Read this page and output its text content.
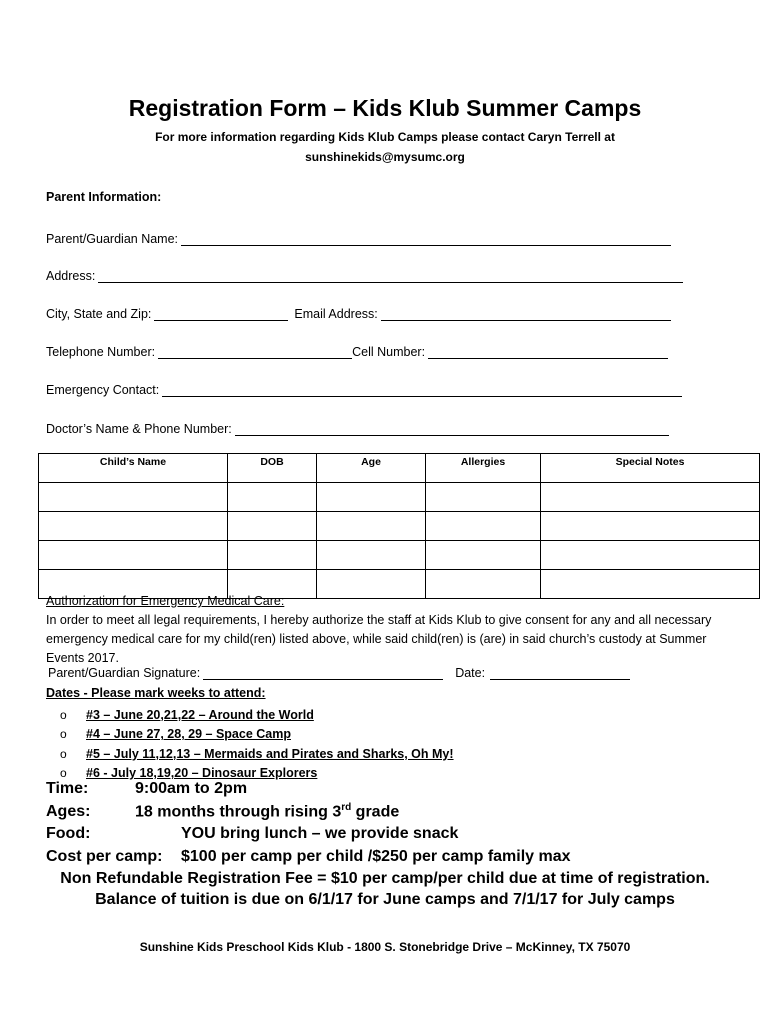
Registration Form – Kids Klub Summer Camps
For more information regarding Kids Klub Camps please contact Caryn Terrell at
sunshinekids@mysumc.org
Parent Information:
Parent/Guardian Name:
Address:
City, State and Zip:	Email Address:
Telephone Number:	Cell Number:
Emergency Contact:
Doctor’s Name & Phone Number:
Child’s Name	DOB	Age	Allergies	Special Notes

Authorization for Emergency Medical Care:
In order to meet all legal requirements, I hereby authorize the staff at Kids Klub to give consent for any and all necessary emergency medical care for my child(ren) listed above, while said child(ren) is (are) in said church’s custody at Summer Events 2017.
Parent/Guardian Signature:	Date:
Dates - Please mark weeks to attend:
o	#3 – June 20,21,22 – Around the World
o	#4 – June 27, 28, 29 – Space Camp
o	#5 – July 11,12,13 – Mermaids and Pirates and Sharks, Oh My!
o	#6 - July 18,19,20 – Dinosaur Explorers
Time:	9:00am to 2pm
Ages:	18 months through rising 3rd grade
Food:	YOU bring lunch – we provide snack
Cost per camp: $100 per camp per child /$250 per camp family max
Non Refundable Registration Fee = $10 per camp/per child due at time of registration.
Balance of tuition is due on 6/1/17 for June camps and 7/1/17 for July camps
Sunshine Kids Preschool Kids Klub - 1800 S. Stonebridge Drive – McKinney, TX 75070
